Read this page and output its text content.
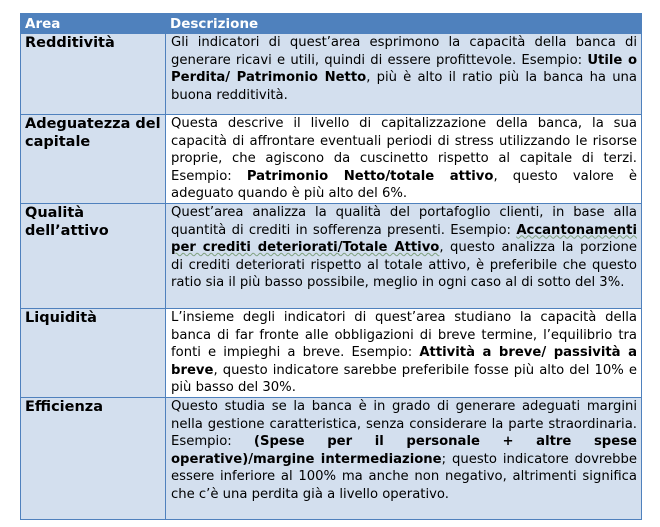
Area	Descrizione
Redditività	Gli indicatori di quest’area esprimono la capacità della banca di generare ricavi e utili, quindi di essere profittevole. Esempio: Utile o Perdita/ Patrimonio Netto, più è alto il ratio più la banca ha una buona redditività.
Adeguatezza del capitale	Questa descrive il livello di capitalizzazione della banca, la sua capacità di affrontare eventuali periodi di stress utilizzando le risorse proprie, che agiscono da cuscinetto rispetto al capitale di terzi. Esempio: Patrimonio Netto/totale attivo, questo valore è adeguato quando è più alto del 6%.
Qualità dell’attivo	Quest’area analizza la qualità del portafoglio clienti, in base alla quantità di crediti in sofferenza presenti. Esempio: Accantonamenti per crediti deteriorati/Totale Attivo, questo analizza la porzione di crediti deteriorati rispetto al totale attivo, è preferibile che questo ratio sia il più basso possibile, meglio in ogni caso al di sotto del 3%.
Liquidità	L’insieme degli indicatori di quest’area studiano la capacità della banca di far fronte alle obbligazioni di breve termine, l’equilibrio tra fonti e impieghi a breve. Esempio: Attività a breve/ passività a breve, questo indicatore sarebbe preferibile fosse più alto del 10% e più basso del 30%.
Efficienza	Questo studia se la banca è in grado di generare adeguati margini nella gestione caratteristica, senza considerare la parte straordinaria. Esempio: (Spese per il personale + altre spese operative)/margine intermediazione; questo indicatore dovrebbe essere inferiore al 100% ma anche non negativo, altrimenti significa che c’è una perdita già a livello operativo.
